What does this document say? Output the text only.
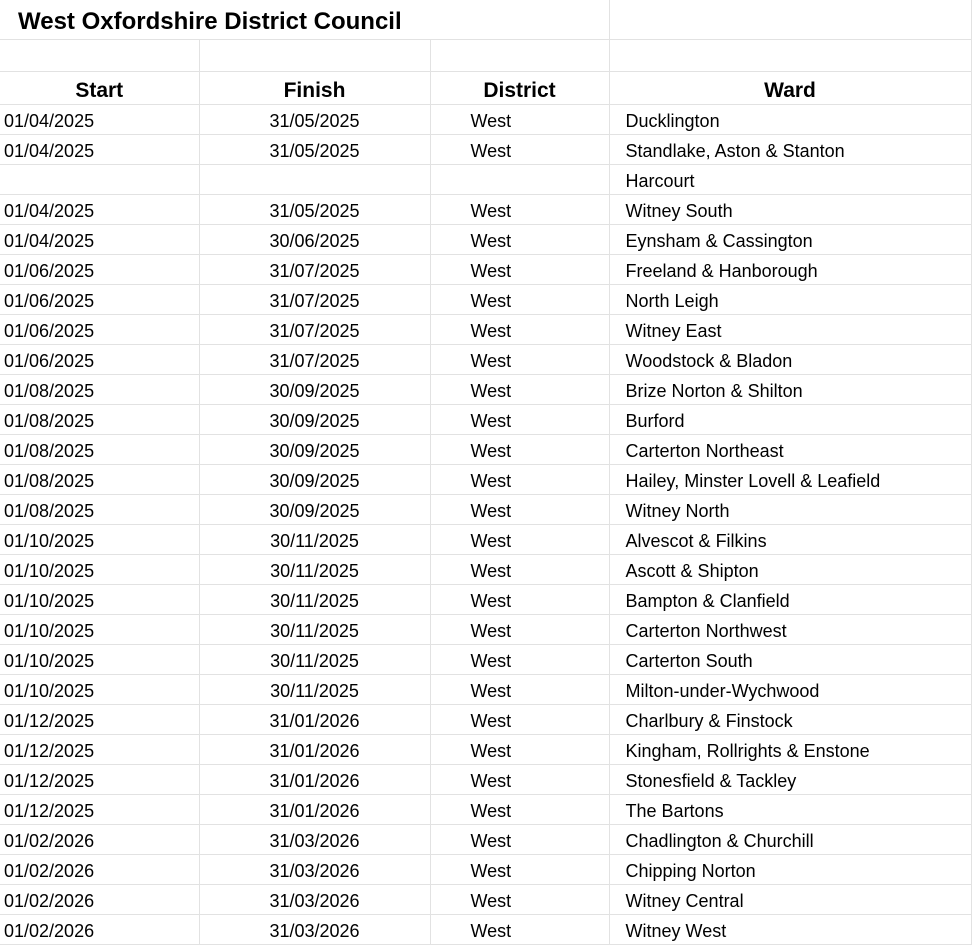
West Oxfordshire District Council			

Start	Finish	District	Ward
01/04/2025	31/05/2025	West	Ducklington
01/04/2025	31/05/2025	West	Standlake, Aston & Stanton
			Harcourt
01/04/2025	31/05/2025	West	Witney South
01/04/2025	30/06/2025	West	Eynsham & Cassington
01/06/2025	31/07/2025	West	Freeland & Hanborough
01/06/2025	31/07/2025	West	North Leigh
01/06/2025	31/07/2025	West	Witney East
01/06/2025	31/07/2025	West	Woodstock & Bladon
01/08/2025	30/09/2025	West	Brize Norton & Shilton
01/08/2025	30/09/2025	West	Burford
01/08/2025	30/09/2025	West	Carterton Northeast
01/08/2025	30/09/2025	West	Hailey, Minster Lovell & Leafield
01/08/2025	30/09/2025	West	Witney North
01/10/2025	30/11/2025	West	Alvescot & Filkins
01/10/2025	30/11/2025	West	Ascott & Shipton
01/10/2025	30/11/2025	West	Bampton & Clanfield
01/10/2025	30/11/2025	West	Carterton Northwest
01/10/2025	30/11/2025	West	Carterton South
01/10/2025	30/11/2025	West	Milton-under-Wychwood
01/12/2025	31/01/2026	West	Charlbury & Finstock
01/12/2025	31/01/2026	West	Kingham, Rollrights & Enstone
01/12/2025	31/01/2026	West	Stonesfield & Tackley
01/12/2025	31/01/2026	West	The Bartons
01/02/2026	31/03/2026	West	Chadlington & Churchill
01/02/2026	31/03/2026	West	Chipping Norton
01/02/2026	31/03/2026	West	Witney Central
01/02/2026	31/03/2026	West	Witney West
